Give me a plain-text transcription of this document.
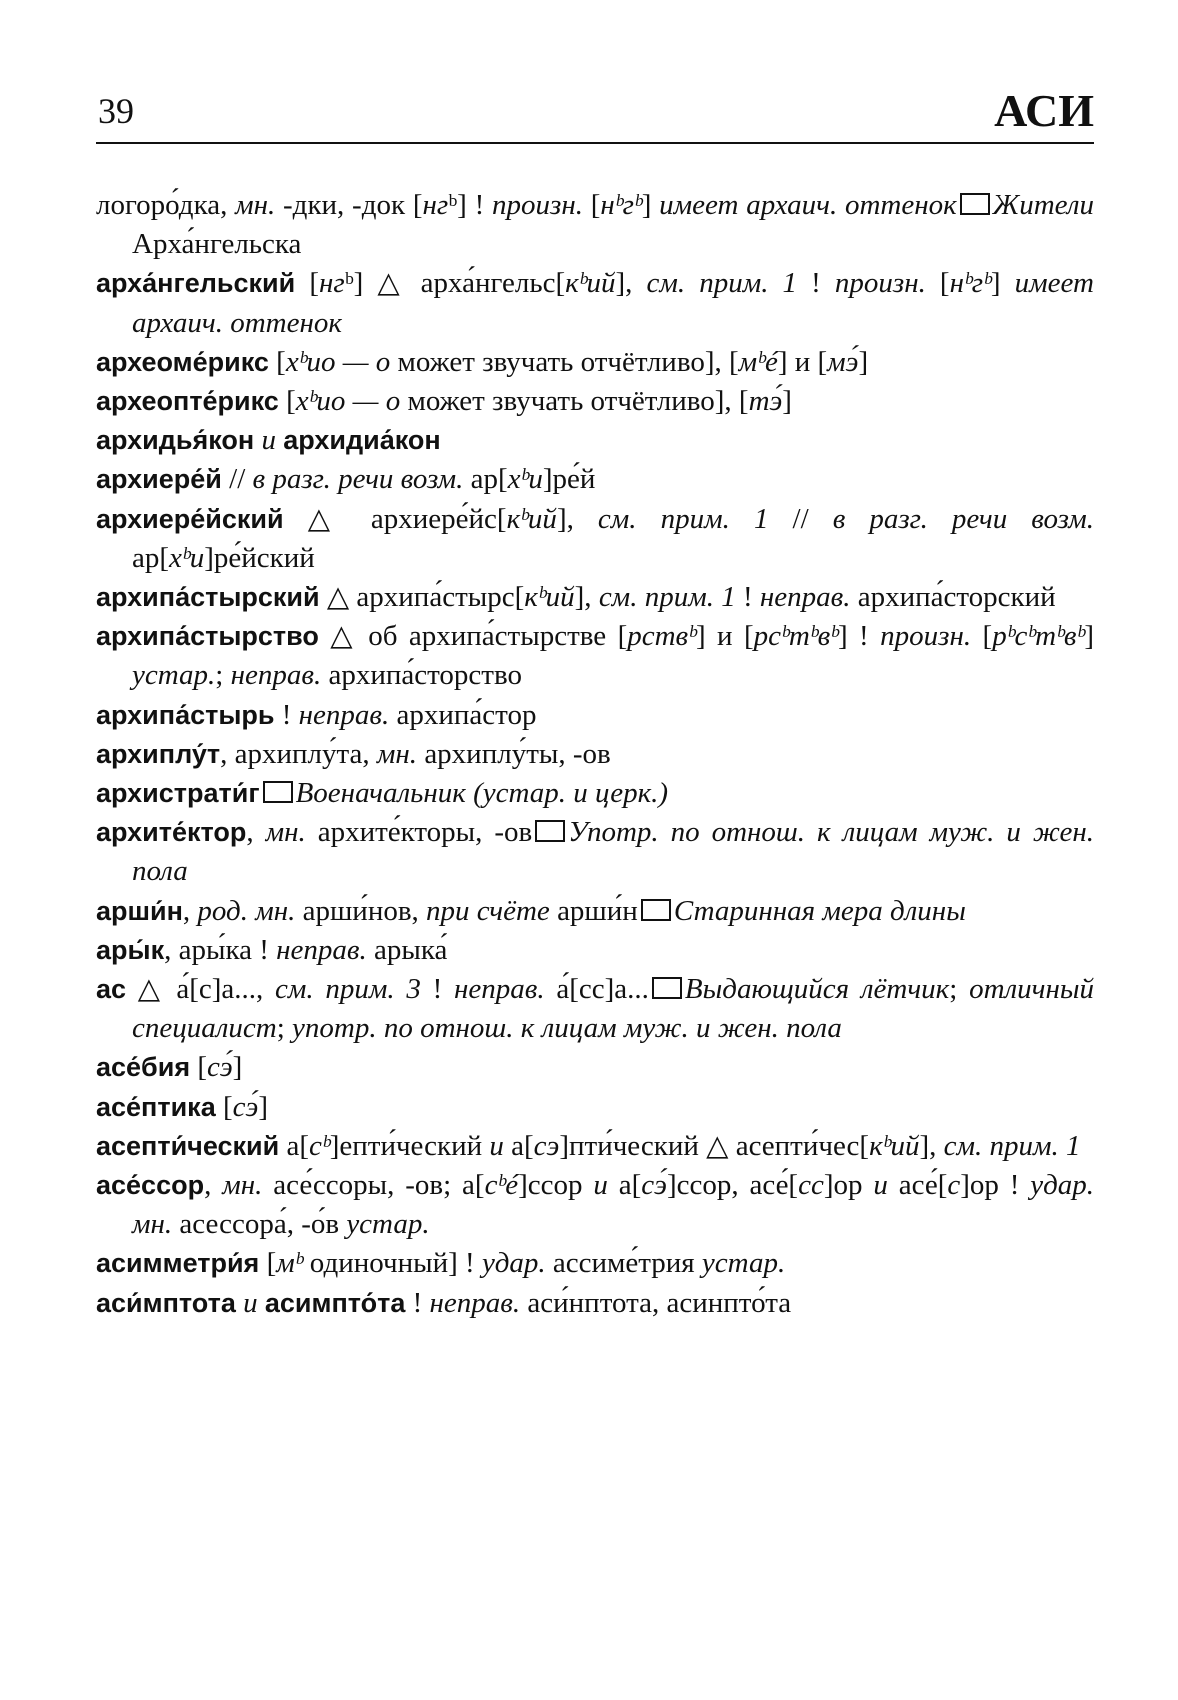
39	АСИ

логоро́дка, мн. -дки, -док [нгᵇ] ! произн. [нᵇгᵇ] имеет архаич. оттенок Жители Арха́нгельска

арха́нгельский [нгᵇ] △ арха́нгельс[кᵇий], см. прим. 1 ! произн. [нᵇгᵇ] имеет архаич. оттенок

археоме́рикс [хᵇио — о может звучать отчётливо], [мᵇé] и [мэ́]

археопте́рикс [хᵇио — о может звучать отчётливо], [тэ́]

архидья́кон и архидиа́кон

архиере́й // в разг. речи возм. ар[хᵇи]ре́й

архиере́йский △ архиере́йс[кᵇий], см. прим. 1 // в разг. речи возм. ар[хᵇи]ре́йский

архипа́стырский △ архипа́стырс[кᵇий], см. прим. 1 ! неправ. архипа́сторский

архипа́стырство △ об архипа́стырстве [рствᵇ] и [рсᵇтᵇвᵇ] ! произн. [рᵇсᵇтᵇвᵇ] устар.; неправ. архипа́сторство

архипа́стырь ! неправ. архипа́стор

архиплу́т, архиплу́та, мн. архиплу́ты, -ов

архистрати́г Военачальник (устар. и церк.)

архите́ктор, мн. архите́кторы, -ов Употр. по отнош. к лицам муж. и жен. пола

арши́н, род. мн. арши́нов, при счёте арши́н Старинная мера длины

ары́к, ары́ка ! неправ. арыка́

ас △ а́[с]а..., см. прим. 3 ! неправ. а́[сс]а... Выдающийся лётчик; отличный специалист; употр. по отнош. к лицам муж. и жен. пола

асе́бия [сэ́]

асе́птика [сэ́]

асепти́ческий а[сᵇ]епти́ческий и а[сэ]пти́ческий △ асепти́чес[кᵇий], см. прим. 1

асе́ссор, мн. асе́ссоры, -ов; а[сᵇé]ссор и а[сэ́]ссор, асе́[сс]ор и асе́[с]ор ! удар. мн. асессора́, -о́в устар.

асимметри́я [мᵇ одиночный] ! удар. ассиме́трия устар.

аси́мптота и асимпто́та ! неправ. аси́нптота, асинпто́та
